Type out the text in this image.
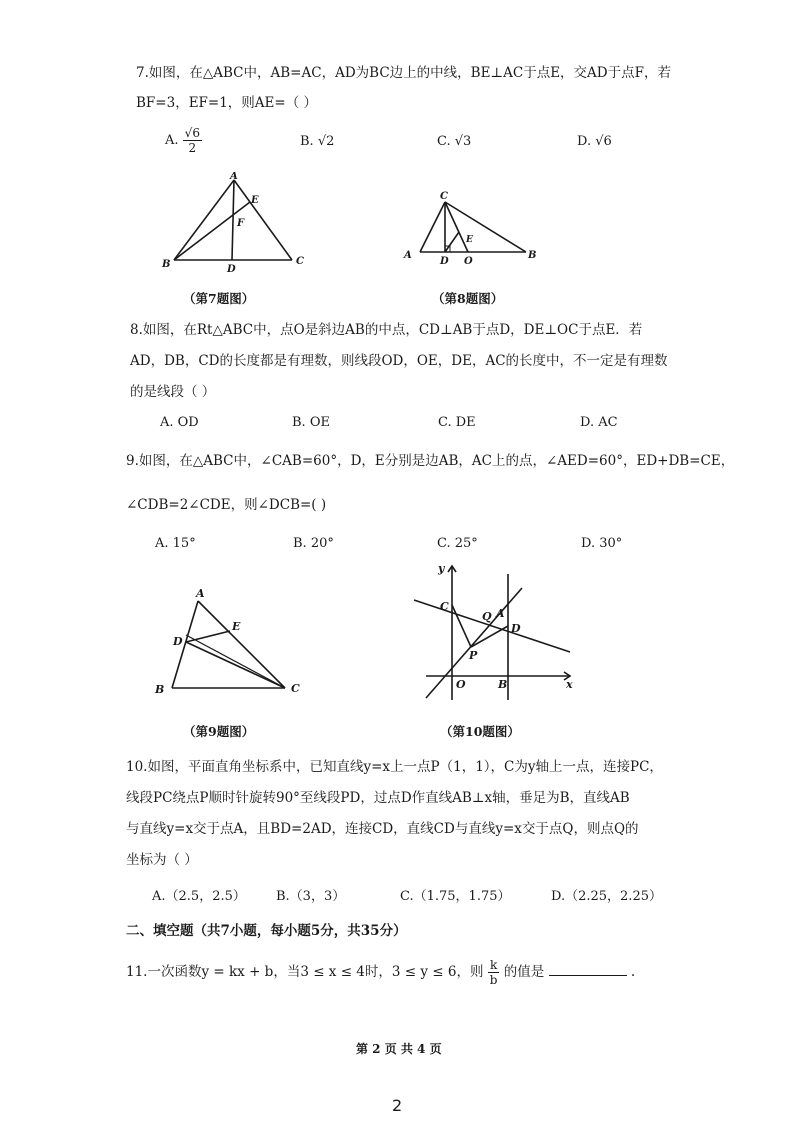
7.如图，在△ABC中，AB=AC，AD为BC边上的中线，BE⊥AC于点E，交AD于点F，若
BF=3，EF=1，则AE=（ ）
A. $\frac{√6}{2}$	B. √2	C. √3	D. √6
A
E
F
B	D
C
（第7题图）
C
E
A
D O
B
（第8题图）
8.如图，在Rt△ABC中，点O是斜边AB的中点，CD⊥AB于点D，DE⊥OC于点E．若
AD，DB，CD的长度都是有理数，则线段OD，OE，DE，AC的长度中，不一定是有理数
的是线段（ ）
A. OD	B. OE	C. DE	D. AC
9.如图，在△ABC中，∠CAB=60°，D，E分别是边AB，AC上的点，∠AED=60°，ED+DB=CE，
∠CDB=2∠CDE，则∠DCB=( )
A. 15°	B. 20°	C. 25°	D. 30°
A
E
D
B	C
（第9题图）
y
C
Q A
D
P
O	B	x
（第10题图）
10.如图，平面直角坐标系中，已知直线y=x上一点P（1，1），C为y轴上一点，连接PC，
线段PC绕点P顺时针旋转90°至线段PD，过点D作直线AB⊥x轴，垂足为B，直线AB
与直线y=x交于点A，且BD=2AD，连接CD，直线CD与直线y=x交于点Q，则点Q的
坐标为（ ）
A.（2.5，2.5） B.（3，3）	C.（1.75，1.75）	D.（2.25，2.25）
二、填空题（共7小题，每小题5分，共35分）
11.一次函数y = kx + b，当3 ≤ x ≤ 4时，3 ≤ y ≤ 6，则 $\frac{k}{b}$ 的值是	.
第 2 页 共 4 页
2
